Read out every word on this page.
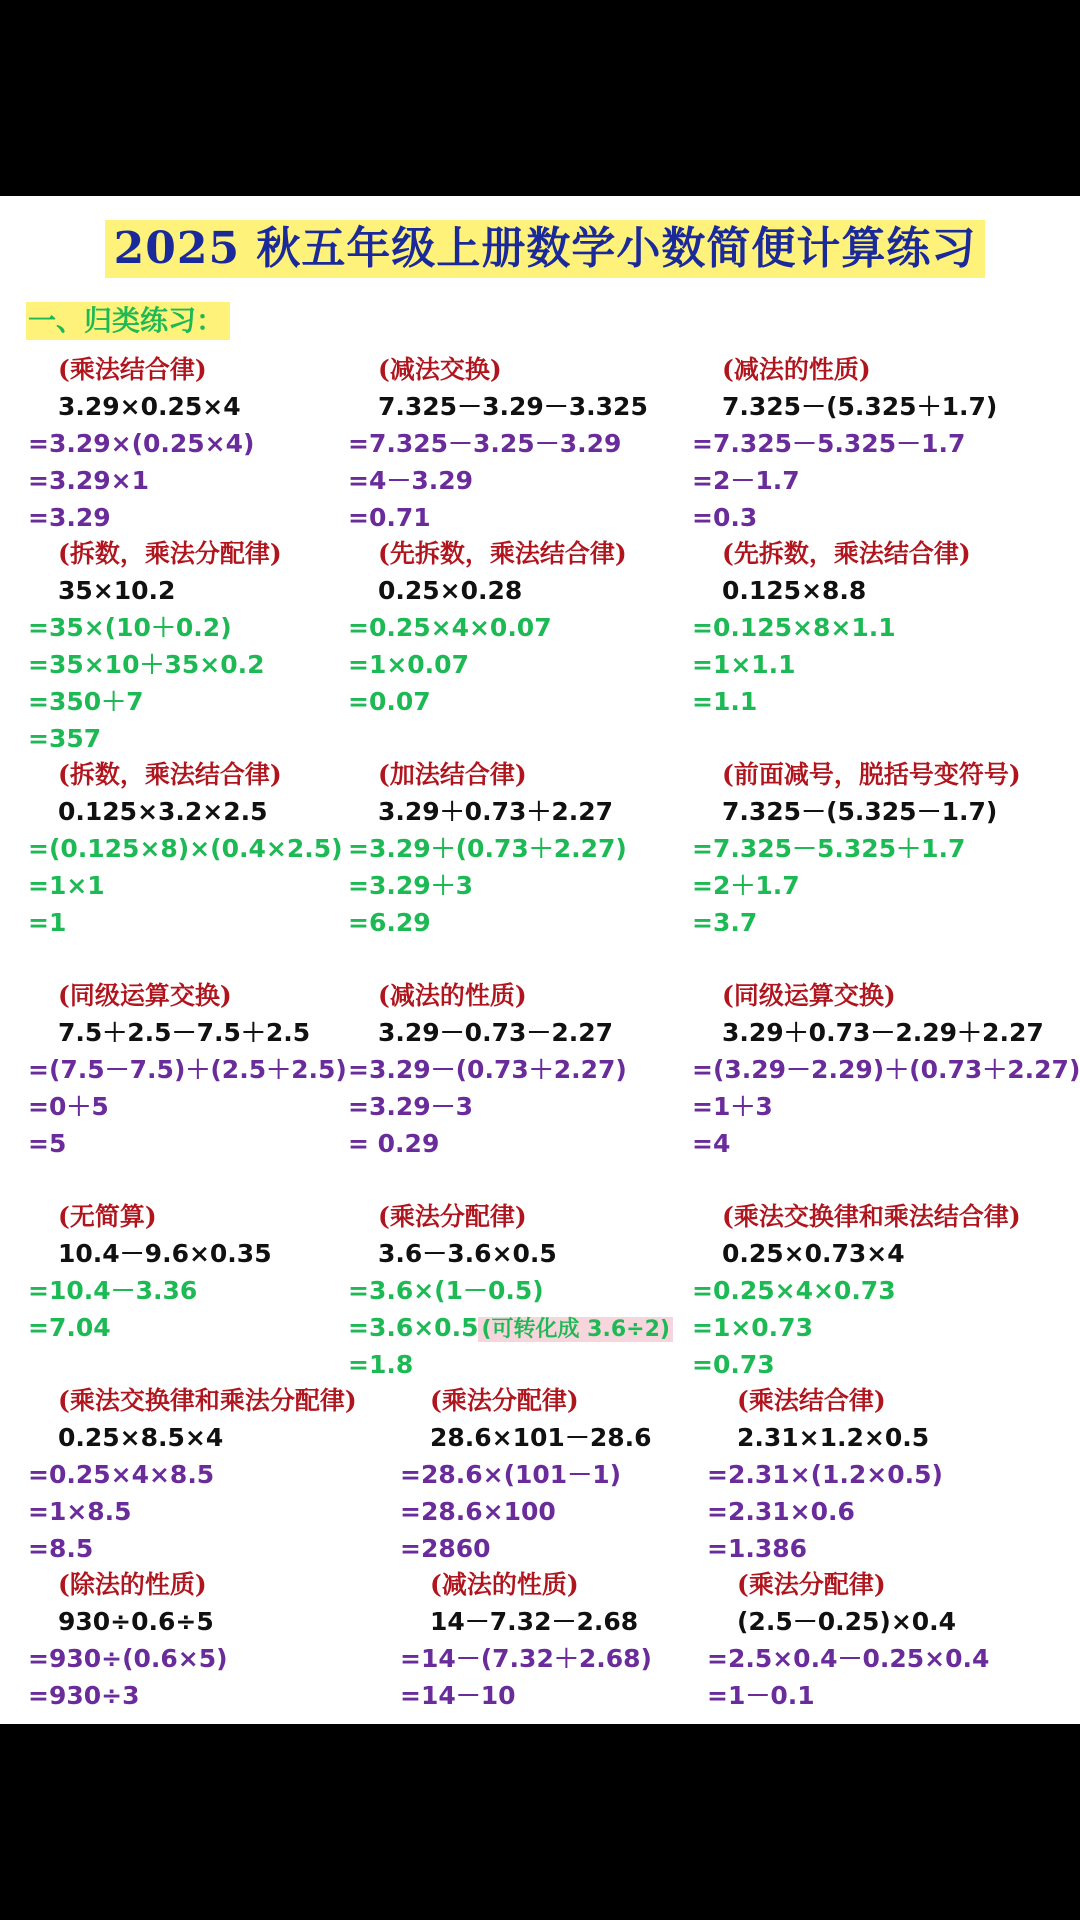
2025 秋五年级上册数学小数简便计算练习
一、归类练习：
(乘法结合律)
3.29×0.25×4
=3.29×(0.25×4)
=3.29×1
=3.29
(减法交换)
7.325－3.29－3.325
=7.325－3.25－3.29
=4－3.29
=0.71
(减法的性质)
7.325－(5.325＋1.7)
=7.325－5.325－1.7
=2－1.7
=0.3
(拆数，乘法分配律)
35×10.2
=35×(10＋0.2)
=35×10＋35×0.2
=350＋7
=357
(先拆数，乘法结合律)
0.25×0.28
=0.25×4×0.07
=1×0.07
=0.07
(先拆数，乘法结合律)
0.125×8.8
=0.125×8×1.1
=1×1.1
=1.1
(拆数，乘法结合律)
0.125×3.2×2.5
=(0.125×8)×(0.4×2.5)
=1×1
=1
(加法结合律)
3.29＋0.73＋2.27
=3.29＋(0.73＋2.27)
=3.29＋3
=6.29
(前面减号，脱括号变符号)
7.325－(5.325－1.7)
=7.325－5.325＋1.7
=2＋1.7
=3.7
(同级运算交换)
7.5＋2.5－7.5＋2.5
=(7.5－7.5)＋(2.5＋2.5)
=0＋5
=5
(减法的性质)
3.29－0.73－2.27
=3.29－(0.73＋2.27)
=3.29－3
= 0.29
(同级运算交换)
3.29＋0.73－2.29＋2.27
=(3.29－2.29)＋(0.73＋2.27)
=1＋3
=4
(无简算)
10.4－9.6×0.35
=10.4－3.36
=7.04
(乘法分配律)
3.6－3.6×0.5
=3.6×(1－0.5)
=3.6×0.5 (可转化成 3.6÷2)
=1.8
(乘法交换律和乘法结合律)
0.25×0.73×4
=0.25×4×0.73
=1×0.73
=0.73
(乘法交换律和乘法分配律)
0.25×8.5×4
=0.25×4×8.5
=1×8.5
=8.5
(乘法分配律)
28.6×101－28.6
=28.6×(101－1)
=28.6×100
=2860
(乘法结合律)
2.31×1.2×0.5
=2.31×(1.2×0.5)
=2.31×0.6
=1.386
(除法的性质)
930÷0.6÷5
=930÷(0.6×5)
=930÷3
(减法的性质)
14－7.32－2.68
=14－(7.32＋2.68)
=14－10
(乘法分配律)
(2.5－0.25)×0.4
=2.5×0.4－0.25×0.4
=1－0.1
